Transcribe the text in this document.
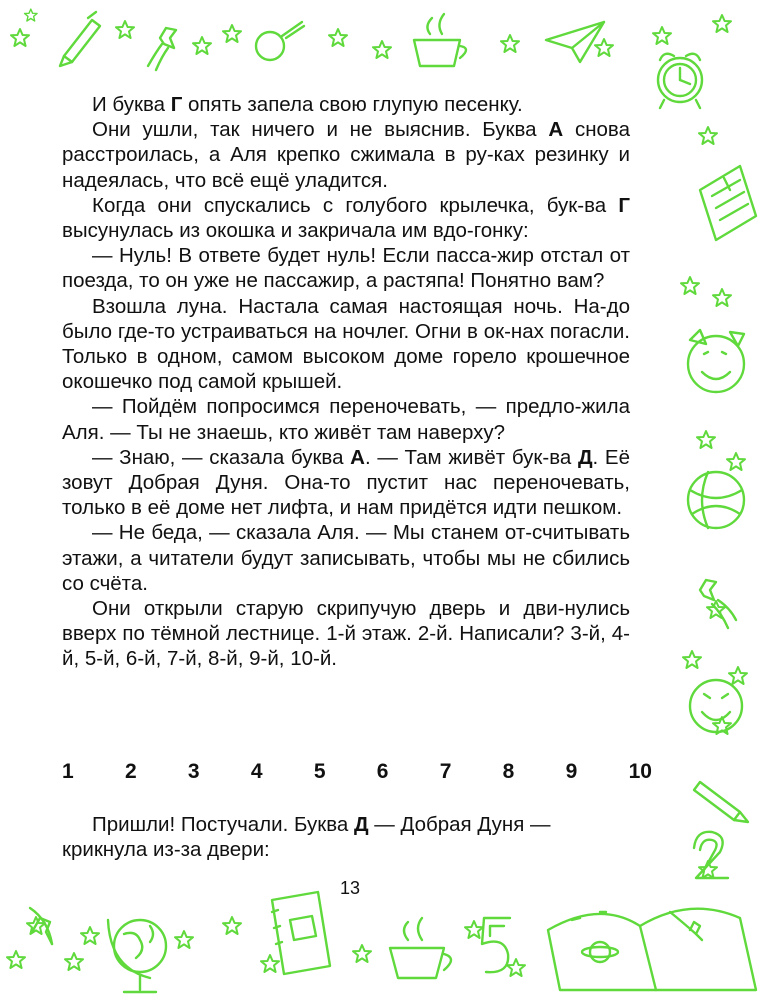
И буква Г опять запела свою глупую песенку.

Они ушли, так ничего и не выяснив. Буква А снова расстроилась, а Аля крепко сжимала в ру-ках резинку и надеялась, что всё ещё уладится.

Когда они спускались с голубого крылечка, бук-ва Г высунулась из окошка и закричала им вдо-гонку:

— Нуль! В ответе будет нуль! Если пасса-жир отстал от поезда, то он уже не пассажир, а растяпа! Понятно вам?

Взошла луна. Настала самая настоящая ночь. На-до было где-то устраиваться на ночлег. Огни в ок-нах погасли. Только в одном, самом высоком доме горело крошечное окошечко под самой крышей.

— Пойдём попросимся переночевать, — предло-жила Аля. — Ты не знаешь, кто живёт там наверху?

— Знаю, — сказала буква А. — Там живёт бук-ва Д. Её зовут Добрая Дуня. Она-то пустит нас переночевать, только в её доме нет лифта, и нам придётся идти пешком.

— Не беда, — сказала Аля. — Мы станем от-считывать этажи, а читатели будут записывать, чтобы мы не сбились со счёта.

Они открыли старую скрипучую дверь и дви-нулись вверх по тёмной лестнице. 1-й этаж. 2-й. Написали? 3-й, 4-й, 5-й, 6-й, 7-й, 8-й, 9-й, 10-й.

1 2 3 4 5 6 7 8 9 10

Пришли! Постучали. Буква Д — Добрая Дуня — крикнула из-за двери:

13
